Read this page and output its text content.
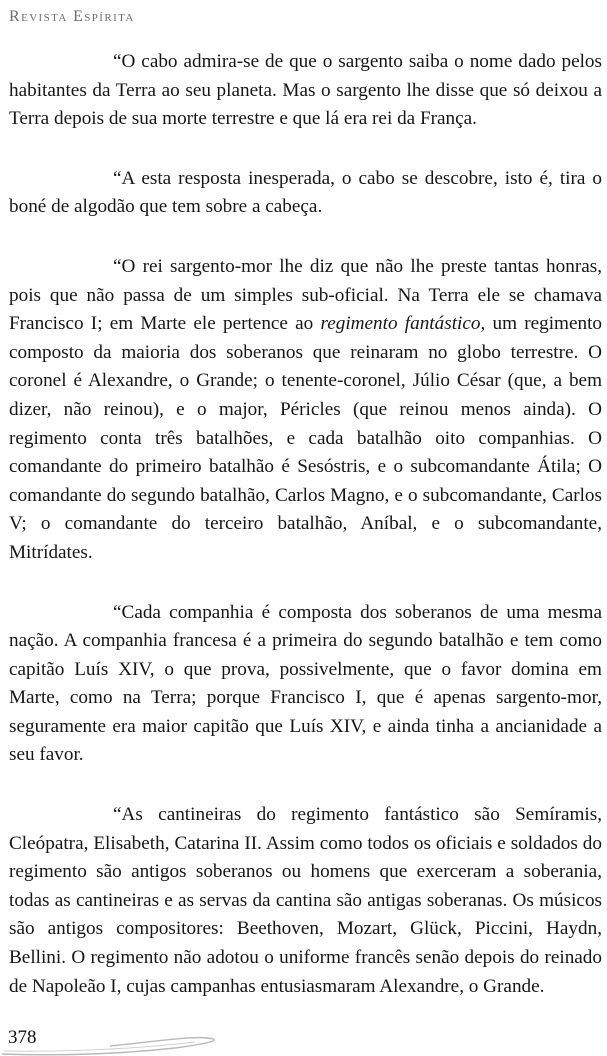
Revista Espírita

“O cabo admira-se de que o sargento saiba o nome dado pelos habitantes da Terra ao seu planeta. Mas o sargento lhe disse que só deixou a Terra depois de sua morte terrestre e que lá era rei da França.

“A esta resposta inesperada, o cabo se descobre, isto é, tira o boné de algodão que tem sobre a cabeça.

“O rei sargento-mor lhe diz que não lhe preste tantas honras, pois que não passa de um simples sub-oficial. Na Terra ele se chamava Francisco I; em Marte ele pertence ao regimento fantástico, um regimento composto da maioria dos soberanos que reinaram no globo terrestre. O coronel é Alexandre, o Grande; o tenente-coronel, Júlio César (que, a bem dizer, não reinou), e o major, Péricles (que reinou menos ainda). O regimento conta três batalhões, e cada batalhão oito companhias. O comandante do primeiro batalhão é Sesóstris, e o subcomandante Átila; O comandante do segundo batalhão, Carlos Magno, e o subcomandante, Carlos V; o comandante do terceiro batalhão, Aníbal, e o subcomandante, Mitrídates.

“Cada companhia é composta dos soberanos de uma mesma nação. A companhia francesa é a primeira do segundo batalhão e tem como capitão Luís XIV, o que prova, possivelmente, que o favor domina em Marte, como na Terra; porque Francisco I, que é apenas sargento-mor, seguramente era maior capitão que Luís XIV, e ainda tinha a ancianidade a seu favor.

“As cantineiras do regimento fantástico são Semíramis, Cleópatra, Elisabeth, Catarina II. Assim como todos os oficiais e soldados do regimento são antigos soberanos ou homens que exerceram a soberania, todas as cantineiras e as servas da cantina são antigas soberanas. Os músicos são antigos compositores: Beethoven, Mozart, Glück, Piccini, Haydn, Bellini. O regimento não adotou o uniforme francês senão depois do reinado de Napoleão I, cujas campanhas entusiasmaram Alexandre, o Grande.

378
